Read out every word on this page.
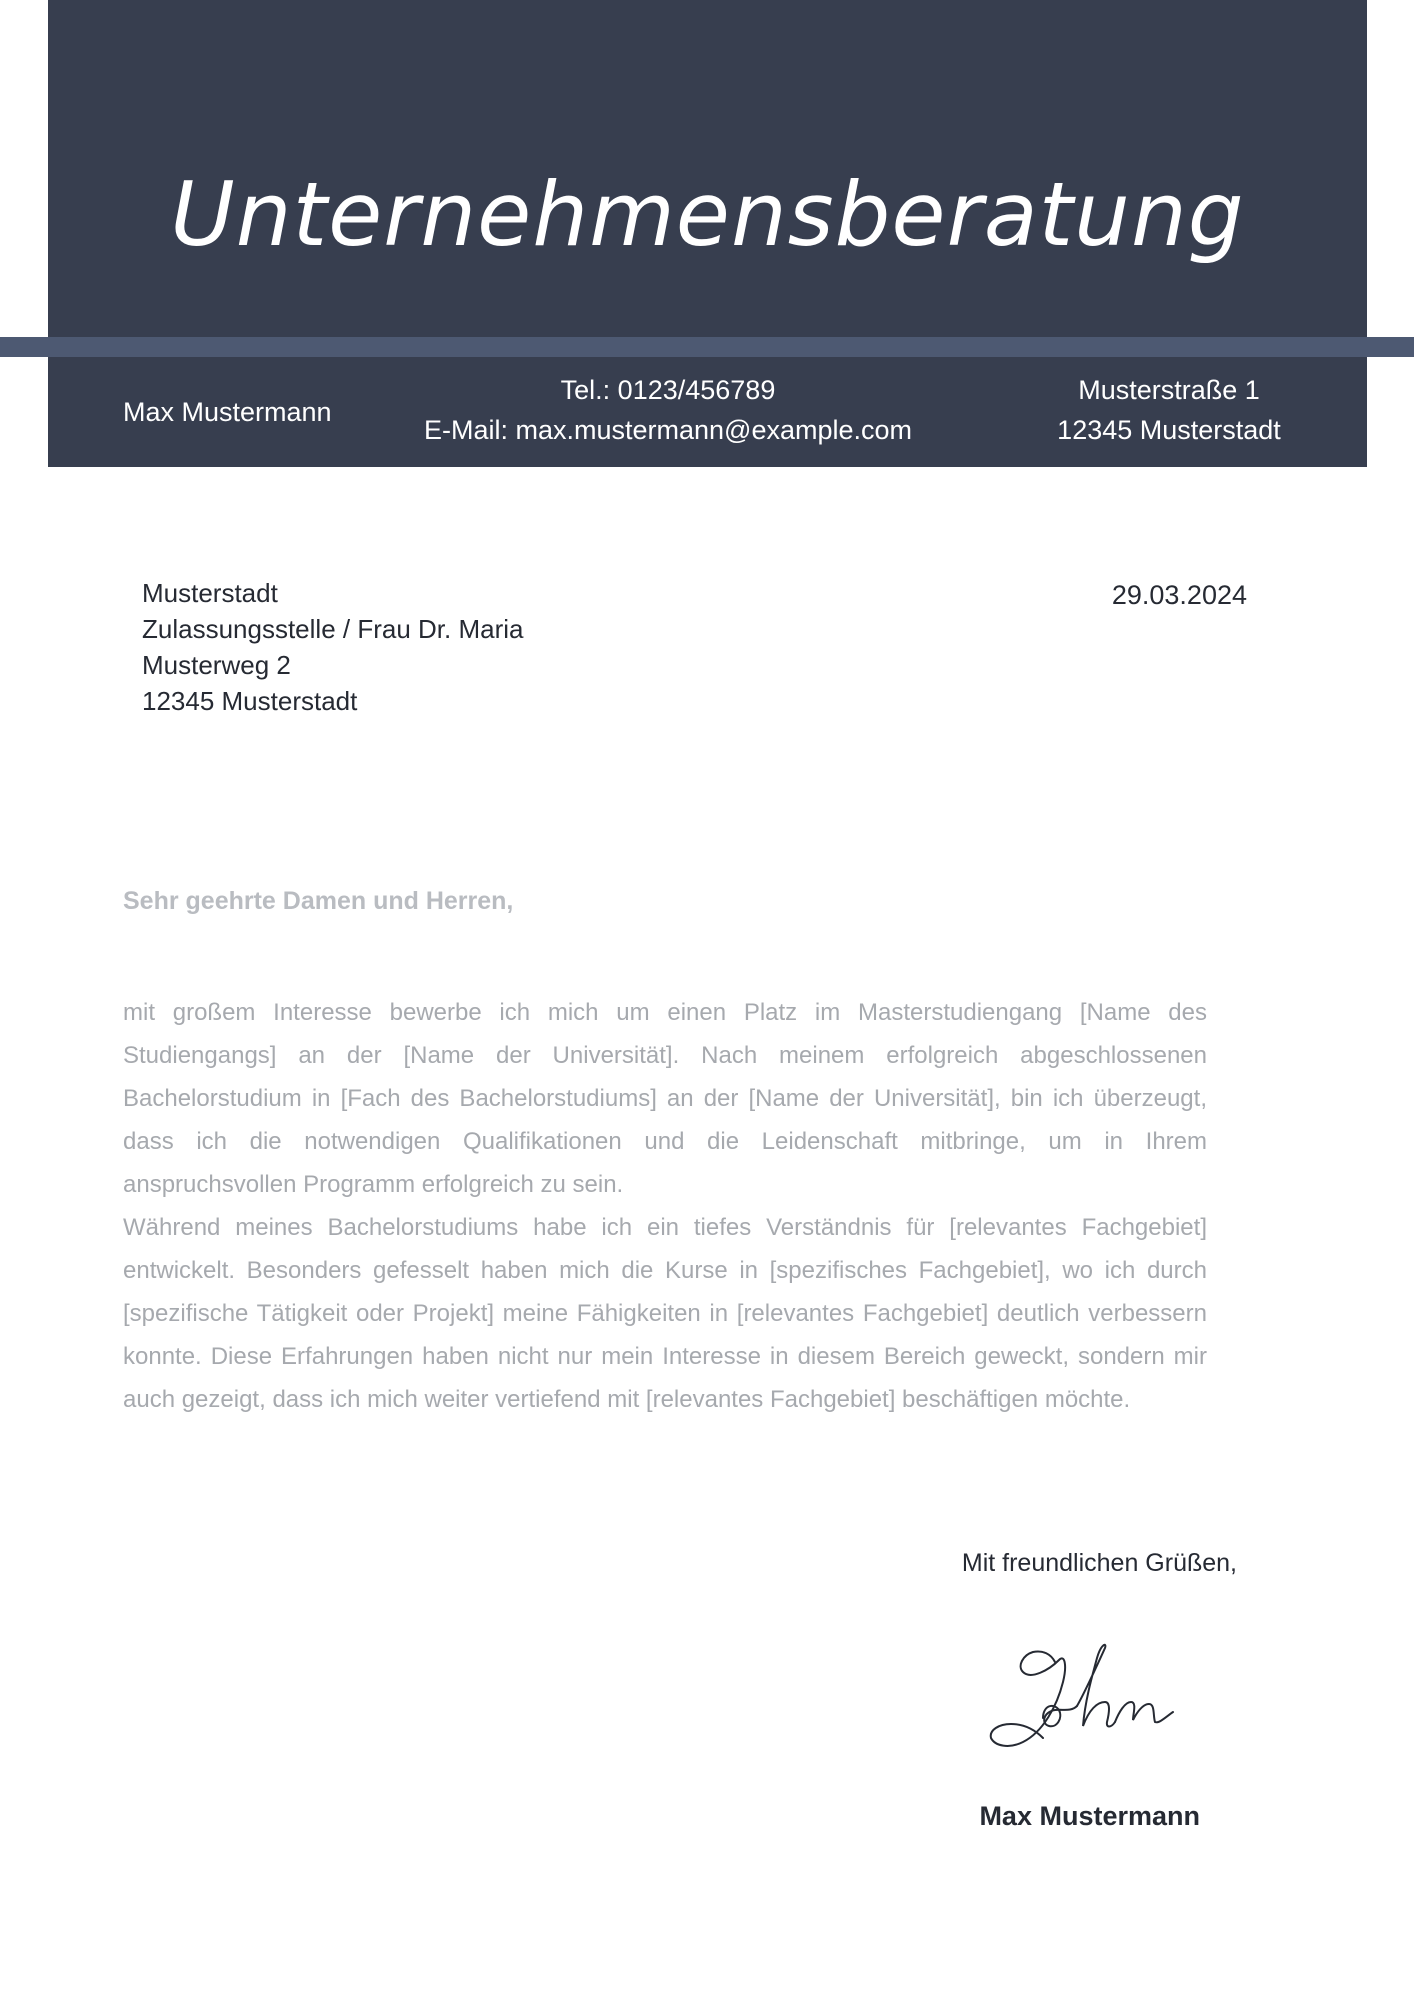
Unternehmensberatung
Max Mustermann
Tel.: 0123/456789
E-Mail: max.mustermann@example.com
Musterstraße 1
12345 Musterstadt
Musterstadt
Zulassungsstelle / Frau Dr. Maria
Musterweg 2
12345 Musterstadt
29.03.2024
Sehr geehrte Damen und Herren,

mit großem Interesse bewerbe ich mich um einen Platz im Masterstudiengang [Name des Studiengangs] an der [Name der Universität]. Nach meinem erfolgreich abgeschlossenen Bachelorstudium in [Fach des Bachelorstudiums] an der [Name der Universität], bin ich überzeugt, dass ich die notwendigen Qualifikationen und die Leidenschaft mitbringe, um in Ihrem anspruchsvollen Programm erfolgreich zu sein.

Während meines Bachelorstudiums habe ich ein tiefes Verständnis für [relevantes Fachgebiet] entwickelt. Besonders gefesselt haben mich die Kurse in [spezifisches Fachgebiet], wo ich durch [spezifische Tätigkeit oder Projekt] meine Fähigkeiten in [relevantes Fachgebiet] deutlich verbessern konnte. Diese Erfahrungen haben nicht nur mein Interesse in diesem Bereich geweckt, sondern mir auch gezeigt, dass ich mich weiter vertiefend mit [relevantes Fachgebiet] beschäftigen möchte.

Mit freundlichen Grüßen,
Max Mustermann
